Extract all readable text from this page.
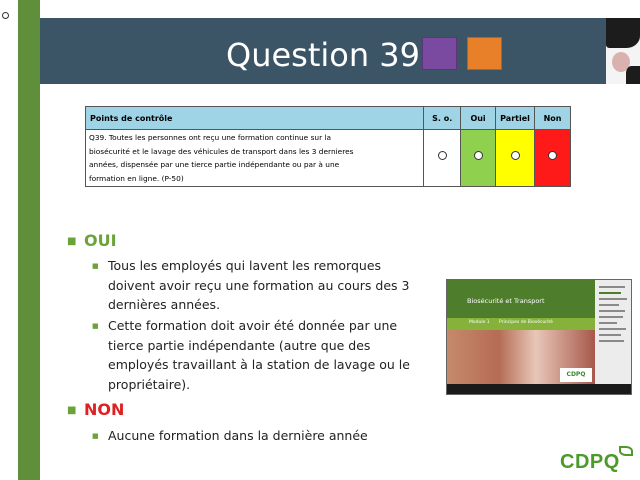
Question 39
Points de contrôle	S. o.	Oui	Partiel	Non

Q39. Toutes les personnes ont reçu une formation continue sur la
biosécurité et le lavage des véhicules de transport dans les 3 dernieres
années, dispensée par une tierce partie indépendante ou par à une
formation en ligne. (P-50)				

■ OUI
■ Tous les employés qui lavent les remorques doivent avoir reçu une formation au cours des 3 dernières années.
■ Cette formation doit avoir été donnée par une tierce partie indépendante (autre que des employés travaillant à la station de lavage ou le propriétaire).
■ NON
■ Aucune formation dans la dernière année
Biosécurité et Transport
Module 1 Principes de Biosécurité
CDPQ
CDPQ
